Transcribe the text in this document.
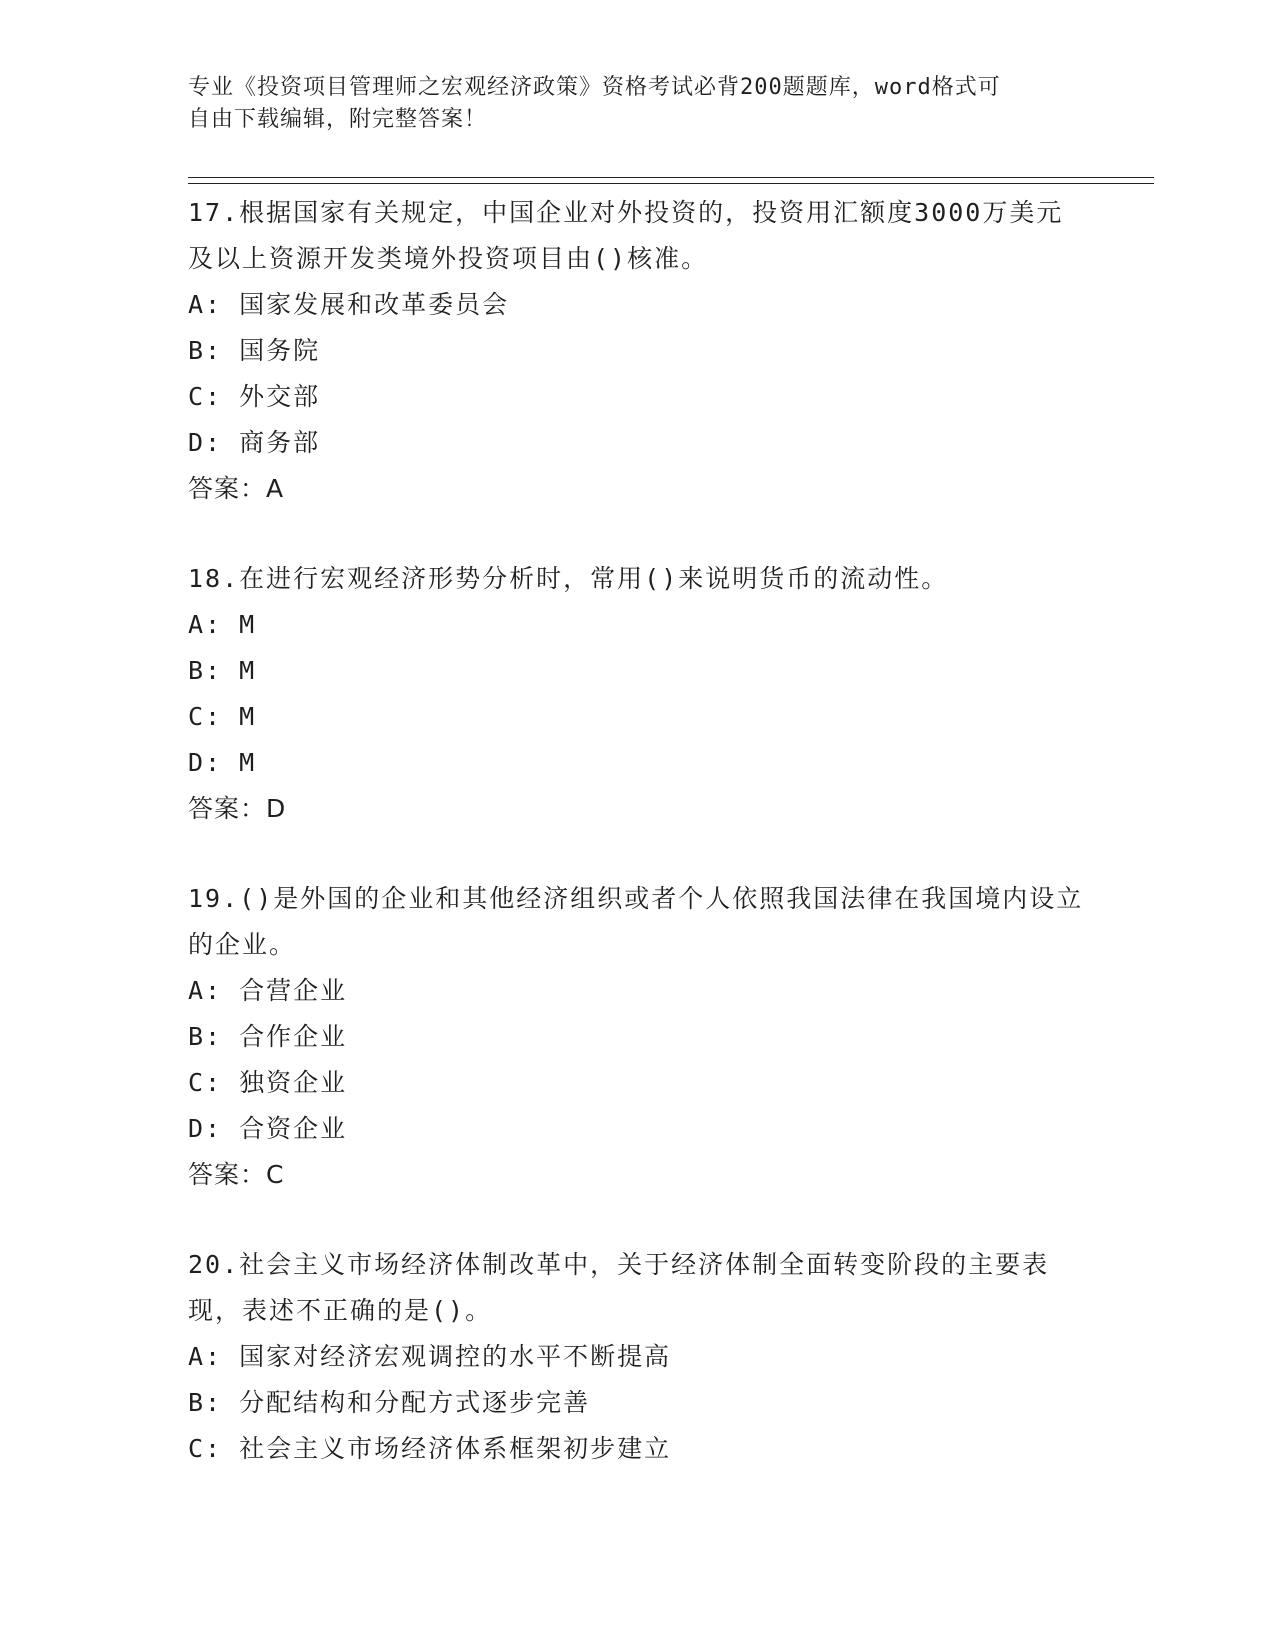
专业《投资项目管理师之宏观经济政策》资格考试必背200题题库，word格式可
自由下载编辑，附完整答案！

17.根据国家有关规定，中国企业对外投资的，投资用汇额度3000万美元及以上资源开发类境外投资项目由()核准。

A: 国家发展和改革委员会

B: 国务院

C: 外交部

D: 商务部

答案：A

18.在进行宏观经济形势分析时，常用()来说明货币的流动性。

A: M

B: M

C: M

D: M

答案：D

19.()是外国的企业和其他经济组织或者个人依照我国法律在我国境内设立的企业。

A: 合营企业

B: 合作企业

C: 独资企业

D: 合资企业

答案：C

20.社会主义市场经济体制改革中，关于经济体制全面转变阶段的主要表现，表述不正确的是()。

A: 国家对经济宏观调控的水平不断提高

B: 分配结构和分配方式逐步完善

C: 社会主义市场经济体系框架初步建立
